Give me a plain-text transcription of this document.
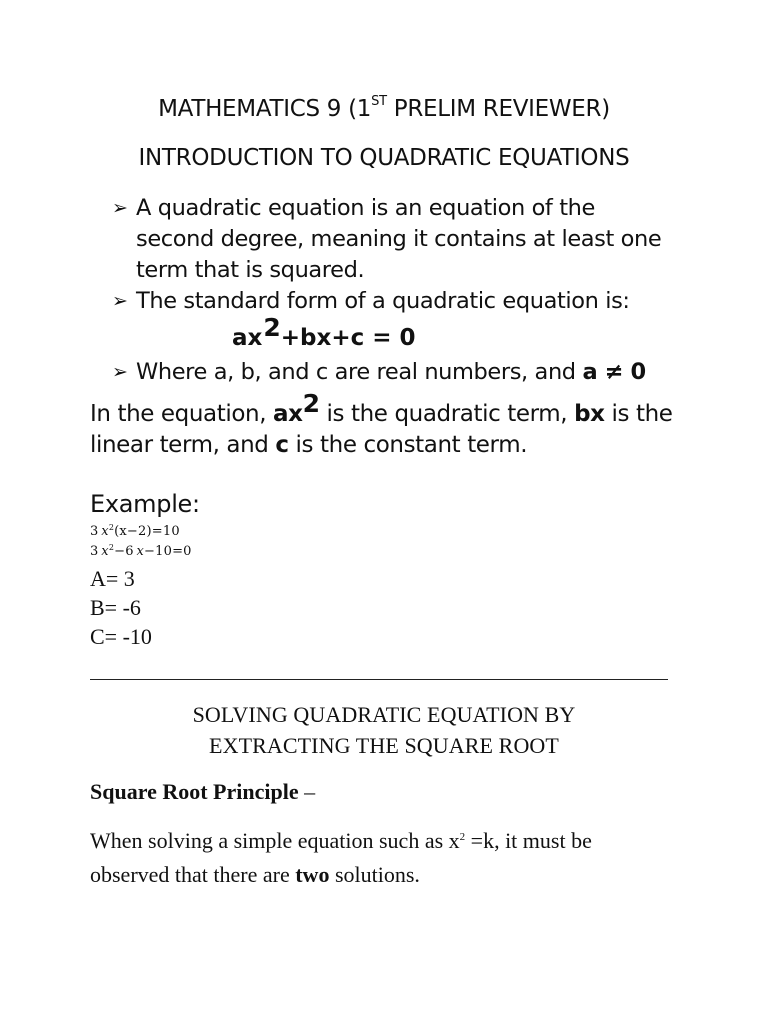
MATHEMATICS 9 (1ST PRELIM REVIEWER)
INTRODUCTION TO QUADRATIC EQUATIONS
➢ A quadratic equation is an equation of the
second degree, meaning it contains at least one
term that is squared.
➢ The standard form of a quadratic equation is:
ax2+bx+c = 0
➢ Where a, b, and c are real numbers, and a ≠ 0
In the equation, ax2 is the quadratic term, bx is the
linear term, and c is the constant term.
Example:
3  $x^2(x-2)=10$
3  $x^2-6$  x−10=0
A= 3
B= -6
C= -10
SOLVING QUADRATIC EQUATION BY
EXTRACTING THE SQUARE ROOT
Square Root Principle –
When solving a simple equation such as $x^2 =k$, it must be
observed that there are two solutions.
